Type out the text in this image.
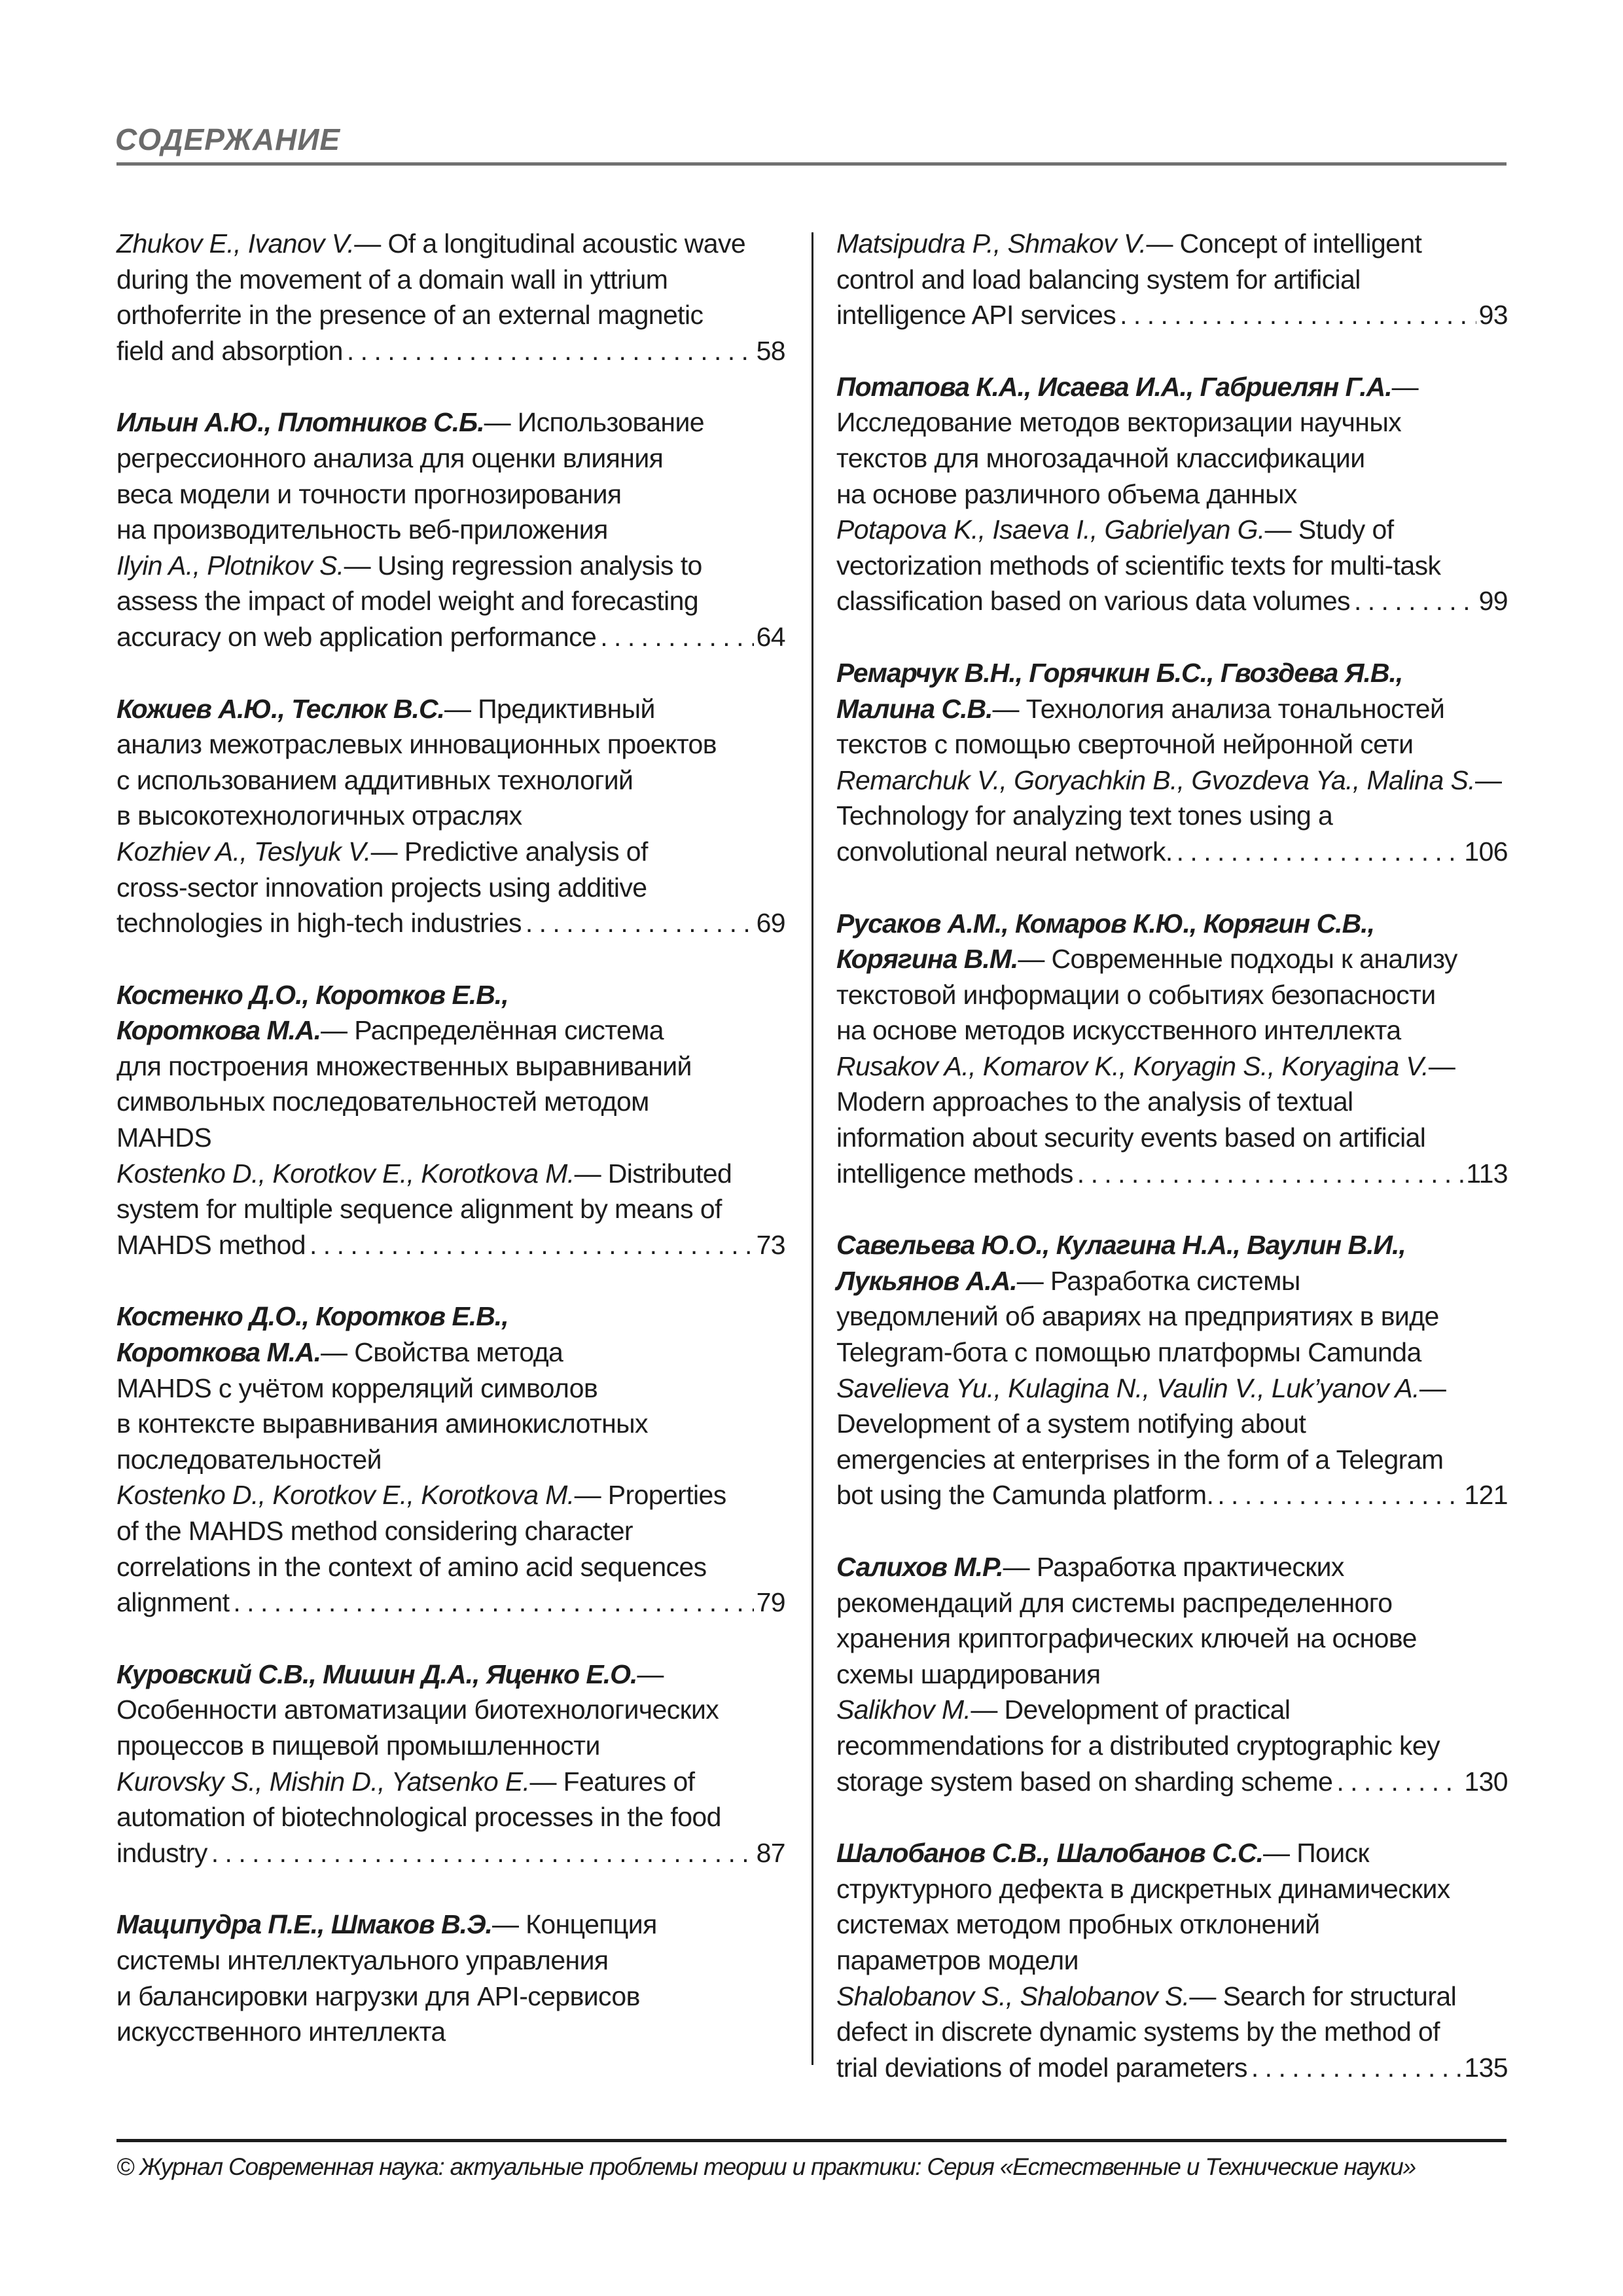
СОДЕРЖАНИЕ
Zhukov E., Ivanov V. — Of a longitudinal acoustic wave
during the movement of a domain wall in yttrium
orthoferrite in the presence of an external magnetic
field and absorption . . .	58
Ильин А.Ю., Плотников С.Б. — Использование
регрессионного анализа для оценки влияния
веса модели и точности прогнозирования
на производительность веб-приложения
Ilyin A., Plotnikov S. — Using regression analysis to
assess the impact of model weight and forecasting
accuracy on web application performance . . .	64
Кожиев А.Ю., Теслюк В.С. — Предиктивный
анализ межотраслевых инновационных проектов
с использованием аддитивных технологий
в высокотехнологичных отраслях
Kozhiev A., Teslyuk V. — Predictive analysis of
cross-sector innovation projects using additive
technologies in high-tech industries . . .	69
Костенко Д.О., Коротков Е.В.,
Короткова М.А. — Распределённая система
для построения множественных выравниваний
символьных последовательностей методом
MAHDS
Kostenko D., Korotkov E., Korotkova M. — Distributed
system for multiple sequence alignment by means of
MAHDS method . . .	73
Костенко Д.О., Коротков Е.В.,
Короткова М.А. — Свойства метода
MAHDS с учётом корреляций символов
в контексте выравнивания аминокислотных
последовательностей
Kostenko D., Korotkov E., Korotkova M. — Properties
of the MAHDS method considering character
correlations in the context of amino acid sequences
alignment . . .	79
Куровский С.В., Мишин Д.А., Яценко Е.О. —
Особенности автоматизации биотехнологических
процессов в пищевой промышленности
Kurovsky S., Mishin D., Yatsenko E. — Features of
automation of biotechnological processes in the food
industry . . .	87
Маципудра П.Е., Шмаков В.Э. — Концепция
системы интеллектуального управления
и балансировки нагрузки для API-сервисов
искусственного интеллекта
Matsipudra P., Shmakov V. — Concept of intelligent
control and load balancing system for artificial
intelligence API services . . .	93
Потапова К.А., Исаева И.А., Габриелян Г.А. —
Исследование методов векторизации научных
текстов для многозадачной классификации
на основе различного объема данных
Potapova K., Isaeva I., Gabrielyan G. — Study of
vectorization methods of scientific texts for multi-task
classification based on various data volumes . . .	99
Ремарчук В.Н., Горячкин Б.С., Гвоздева Я.В.,
Малина С.В. — Технология анализа тональностей
текстов с помощью сверточной нейронной сети
Remarchuk V., Goryachkin B., Gvozdeva Ya., Malina S. —
Technology for analyzing text tones using a
convolutional neural network. . . .	106
Русаков А.М., Комаров К.Ю., Корягин С.В.,
Корягина В.М. — Современные подходы к анализу
текстовой информации о событиях безопасности
на основе методов искусственного интеллекта
Rusakov A., Komarov K., Koryagin S., Koryagina V. —
Modern approaches to the analysis of textual
information about security events based on artificial
intelligence methods . . .	113
Савельева Ю.О., Кулагина Н.А., Ваулин В.И.,
Лукьянов А.А. — Разработка системы
уведомлений об авариях на предприятиях в виде
Telegram-бота с помощью платформы Camunda
Savelieva Yu., Kulagina N., Vaulin V., Luk’yanov A. —
Development of a system notifying about
emergencies at enterprises in the form of a Telegram
bot using the Camunda platform. . . .	121
Салихов М.Р. — Разработка практических
рекомендаций для системы распределенного
хранения криптографических ключей на основе
схемы шардирования
Salikhov M. — Development of practical
recommendations for a distributed cryptographic key
storage system based on sharding scheme . . .	130
Шалобанов С.В., Шалобанов С.С. — Поиск
структурного дефекта в дискретных динамических
системах методом пробных отклонений
параметров модели
Shalobanov S., Shalobanov S. — Search for structural
defect in discrete dynamic systems by the method of
trial deviations of model parameters . . .	135
© Журнал Современная наука: актуальные проблемы теории и практики: Серия «Естественные и Технические науки»
